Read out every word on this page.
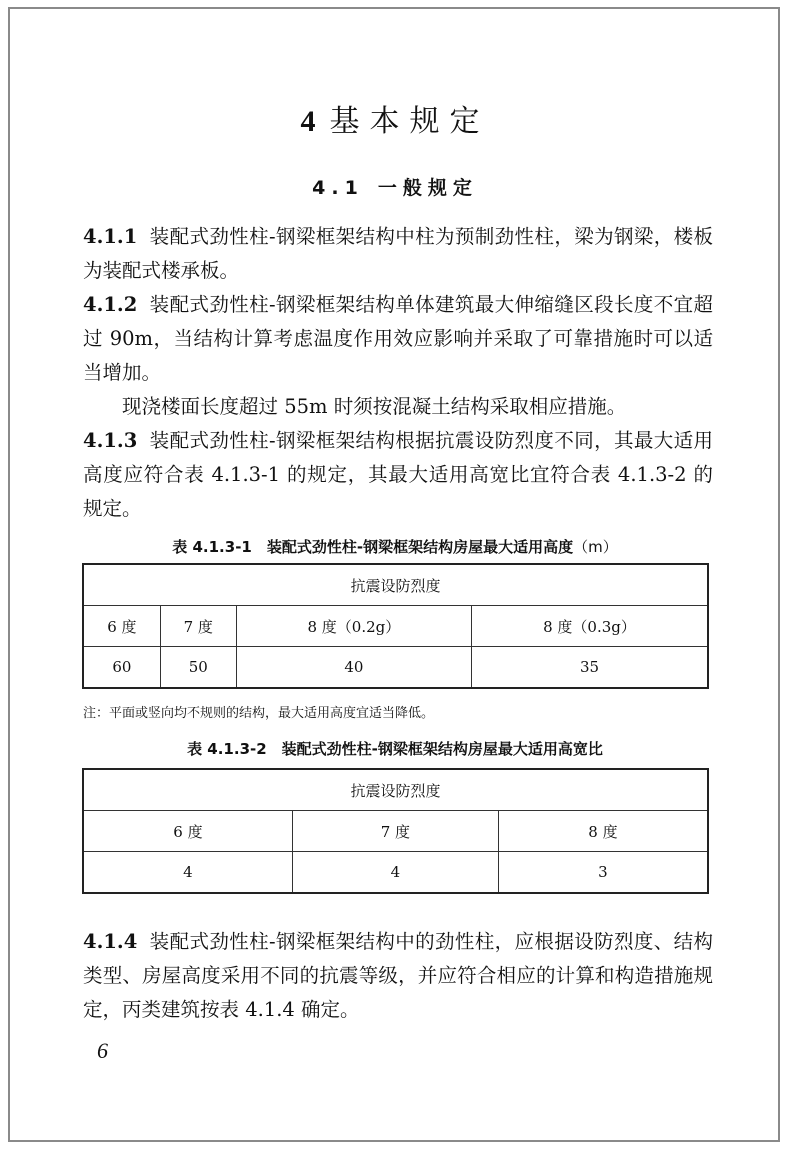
4 基本规定
4.1 一般规定
4.1.1 装配式劲性柱-钢梁框架结构中柱为预制劲性柱，梁为钢梁，楼板为装配式楼承板。
4.1.2 装配式劲性柱-钢梁框架结构单体建筑最大伸缩缝区段长度不宜超过 90m，当结构计算考虑温度作用效应影响并采取了可靠措施时可以适当增加。
现浇楼面长度超过 55m 时须按混凝土结构采取相应措施。
4.1.3 装配式劲性柱-钢梁框架结构根据抗震设防烈度不同，其最大适用高度应符合表 4.1.3-1 的规定，其最大适用高宽比宜符合表 4.1.3-2 的规定。
表 4.1.3-1　装配式劲性柱-钢梁框架结构房屋最大适用高度（m）
抗震设防烈度			
6 度	7 度	8 度（0.2g）	8 度（0.3g）
60	50	40	35
注：平面或竖向均不规则的结构，最大适用高度宜适当降低。
表 4.1.3-2　装配式劲性柱-钢梁框架结构房屋最大适用高宽比
抗震设防烈度		
6 度	7 度	8 度
4	4	3
4.1.4 装配式劲性柱-钢梁框架结构中的劲性柱，应根据设防烈度、结构类型、房屋高度采用不同的抗震等级，并应符合相应的计算和构造措施规定，丙类建筑按表 4.1.4 确定。
6
